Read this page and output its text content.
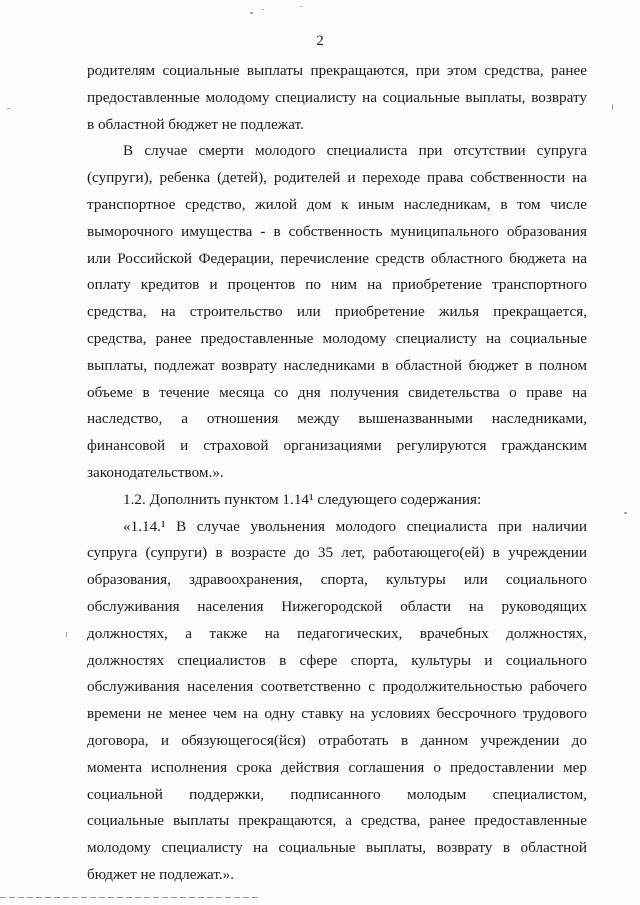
2
родителям социальные выплаты прекращаются, при этом средства, ранее
предоставленные молодому специалисту на социальные выплаты, возврату
в областной бюджет не подлежат.
В случае смерти молодого специалиста при отсутствии супруга
(супруги), ребенка (детей), родителей и переходе права собственности на
транспортное средство, жилой дом к иным наследникам, в том числе
выморочного имущества - в собственность муниципального образования
или Российской Федерации, перечисление средств областного бюджета на
оплату кредитов и процентов по ним на приобретение транспортного
средства, на строительство или приобретение жилья прекращается,
средства, ранее предоставленные молодому специалисту на социальные
выплаты, подлежат возврату наследниками в областной бюджет в полном
объеме в течение месяца со дня получения свидетельства о праве на
наследство, а отношения между вышеназванными наследниками,
финансовой и страховой организациями регулируются гражданским
законодательством.».
1.2. Дополнить пунктом 1.14¹ следующего содержания:
«1.14.¹ В случае увольнения молодого специалиста при наличии
супруга (супруги) в возрасте до 35 лет, работающего(ей) в учреждении
образования, здравоохранения, спорта, культуры или социального
обслуживания населения Нижегородской области на руководящих
должностях, а также на педагогических, врачебных должностях,
должностях специалистов в сфере спорта, культуры и социального
обслуживания населения соответственно с продолжительностью рабочего
времени не менее чем на одну ставку на условиях бессрочного трудового
договора, и обязующегося(йся) отработать в данном учреждении до
момента исполнения срока действия соглашения о предоставлении мер
социальной поддержки, подписанного молодым специалистом,
социальные выплаты прекращаются, а средства, ранее предоставленные
молодому специалисту на социальные выплаты, возврату в областной
бюджет не подлежат.».
